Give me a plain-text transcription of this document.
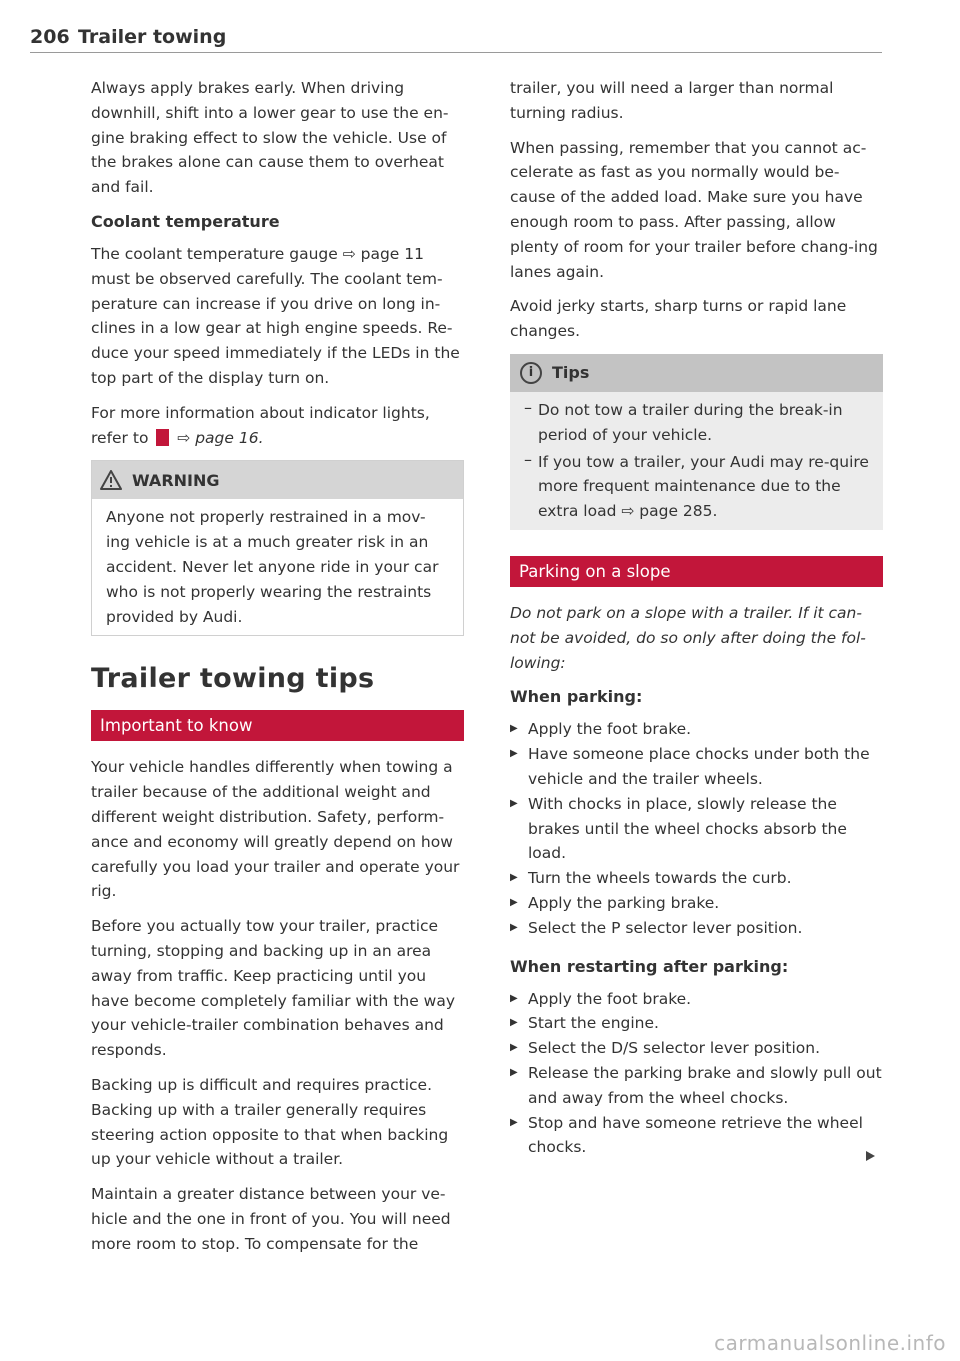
206 Trailer towing

Always apply brakes early. When driving downhill, shift into a lower gear to use the en-gine braking effect to slow the vehicle. Use of the brakes alone can cause them to overheat and fail.

Coolant temperature

The coolant temperature gauge ⇨ page 11 must be observed carefully. The coolant tem-perature can increase if you drive on long in-clines in a low gear at high engine speeds. Re-duce your speed immediately if the LEDs in the top part of the display turn on.

For more information about indicator lights, refer to ⇨ page 16.

WARNING

Anyone not properly restrained in a mov-ing vehicle is at a much greater risk in an accident. Never let anyone ride in your car who is not properly wearing the restraints provided by Audi.

Trailer towing tips
Important to know

Your vehicle handles differently when towing a trailer because of the additional weight and different weight distribution. Safety, perform-ance and economy will greatly depend on how carefully you load your trailer and operate your rig.

Before you actually tow your trailer, practice turning, stopping and backing up in an area away from traffic. Keep practicing until you have become completely familiar with the way your vehicle-trailer combination behaves and responds.

Backing up is difficult and requires practice. Backing up with a trailer generally requires steering action opposite to that when backing up your vehicle without a trailer.

Maintain a greater distance between your ve-hicle and the one in front of you. You will need more room to stop. To compensate for the

trailer, you will need a larger than normal turning radius.

When passing, remember that you cannot ac-celerate as fast as you normally would be-cause of the added load. Make sure you have enough room to pass. After passing, allow plenty of room for your trailer before chang-ing lanes again.

Avoid jerky starts, sharp turns or rapid lane changes.

i	Tips
– Do not tow a trailer during the break-in period of your vehicle.

– If you tow a trailer, your Audi may re-quire more frequent maintenance due to the extra load ⇨ page 285.

Parking on a slope

Do not park on a slope with a trailer. If it can-not be avoided, do so only after doing the fol-lowing:

When parking:
▶ Apply the foot brake.

▶ Have someone place chocks under both the vehicle and the trailer wheels.

▶ With chocks in place, slowly release the brakes until the wheel chocks absorb the load.

▶ Turn the wheels towards the curb.

▶ Apply the parking brake.

▶ Select the P selector lever position.

When restarting after parking:
▶ Apply the foot brake.

▶ Start the engine.

▶ Select the D/S selector lever position.

▶ Release the parking brake and slowly pull out and away from the wheel chocks.

▶ Stop and have someone retrieve the wheel chocks.

carmanualsonline.info
